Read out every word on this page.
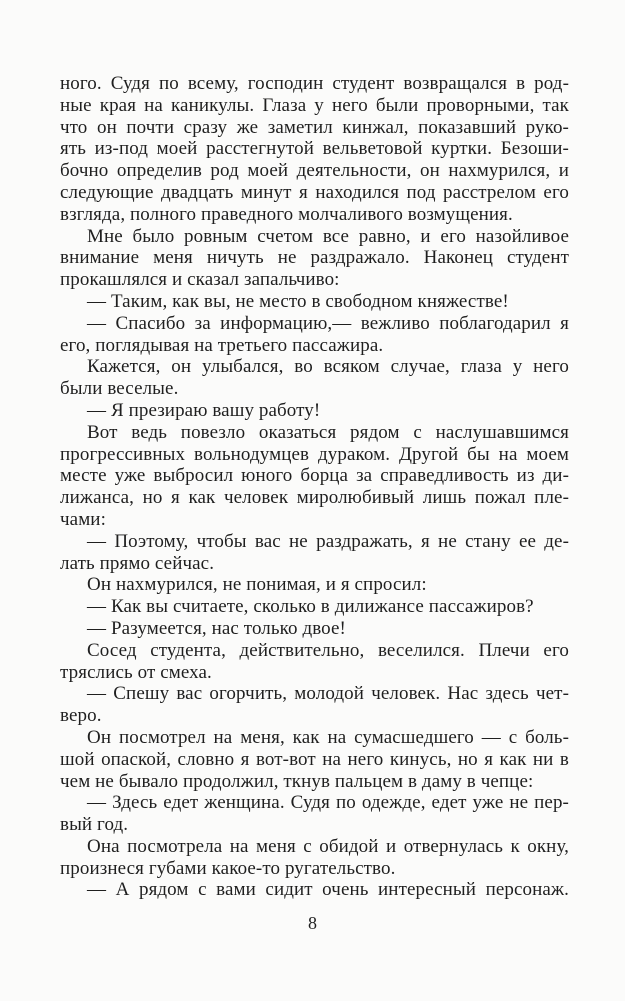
ного. Судя по всему, господин студент возвращался в род-
ные края на каникулы. Глаза у него были проворными, так
что он почти сразу же заметил кинжал, показавший руко-
ять из-под моей расстегнутой вельветовой куртки. Безоши-
бочно определив род моей деятельности, он нахмурился, и
следующие двадцать минут я находился под расстрелом его
взгляда, полного праведного молчаливого возмущения.
Мне было ровным счетом все равно, и его назойливое
внимание меня ничуть не раздражало. Наконец студент
прокашлялся и сказал запальчиво:
— Таким, как вы, не место в свободном княжестве!
— Спасибо за информацию,— вежливо поблагодарил я
его, поглядывая на третьего пассажира.
Кажется, он улыбался, во всяком случае, глаза у него
были веселые.
— Я презираю вашу работу!
Вот ведь повезло оказаться рядом с наслушавшимся
прогрессивных вольнодумцев дураком. Другой бы на моем
месте уже выбросил юного борца за справедливость из ди-
лижанса, но я как человек миролюбивый лишь пожал пле-
чами:
— Поэтому, чтобы вас не раздражать, я не стану ее де-
лать прямо сейчас.
Он нахмурился, не понимая, и я спросил:
— Как вы считаете, сколько в дилижансе пассажиров?
— Разумеется, нас только двое!
Сосед студента, действительно, веселился. Плечи его
тряслись от смеха.
— Спешу вас огорчить, молодой человек. Нас здесь чет-
веро.
Он посмотрел на меня, как на сумасшедшего — с боль-
шой опаской, словно я вот-вот на него кинусь, но я как ни в
чем не бывало продолжил, ткнув пальцем в даму в чепце:
— Здесь едет женщина. Судя по одежде, едет уже не пер-
вый год.
Она посмотрела на меня с обидой и отвернулась к окну,
произнеся губами какое-то ругательство.
— А рядом с вами сидит очень интересный персонаж.
8
